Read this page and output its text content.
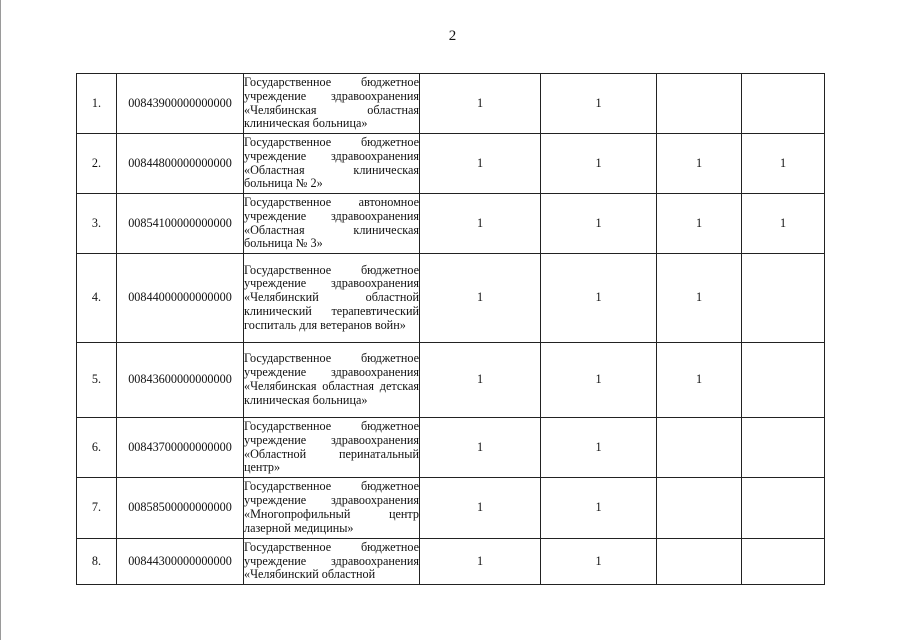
2
1.	00843900000000000	Государственное бюджетное учреждение здравоохранения «Челябинская областная клиническая больница»	1	1		
2.	00844800000000000	Государственное бюджетное учреждение здравоохранения «Областная клиническая больница № 2»	1	1	1	1
3.	00854100000000000	Государственное автономное учреждение здравоохранения «Областная клиническая больница № 3»	1	1	1	1
4.	00844000000000000	Государственное бюджетное учреждение здравоохранения «Челябинский областной клинический терапевтический госпиталь для ветеранов войн»	1	1	1	
5.	00843600000000000	Государственное бюджетное учреждение здравоохранения «Челябинская областная детская клиническая больница»	1	1	1	
6.	00843700000000000	Государственное бюджетное учреждение здравоохранения «Областной перинатальный центр»	1	1		
7.	00858500000000000	Государственное бюджетное учреждение здравоохранения «Многопрофильный центр лазерной медицины»	1	1		
8.	00844300000000000	Государственное бюджетное учреждение здравоохранения «Челябинский областной	1	1		
